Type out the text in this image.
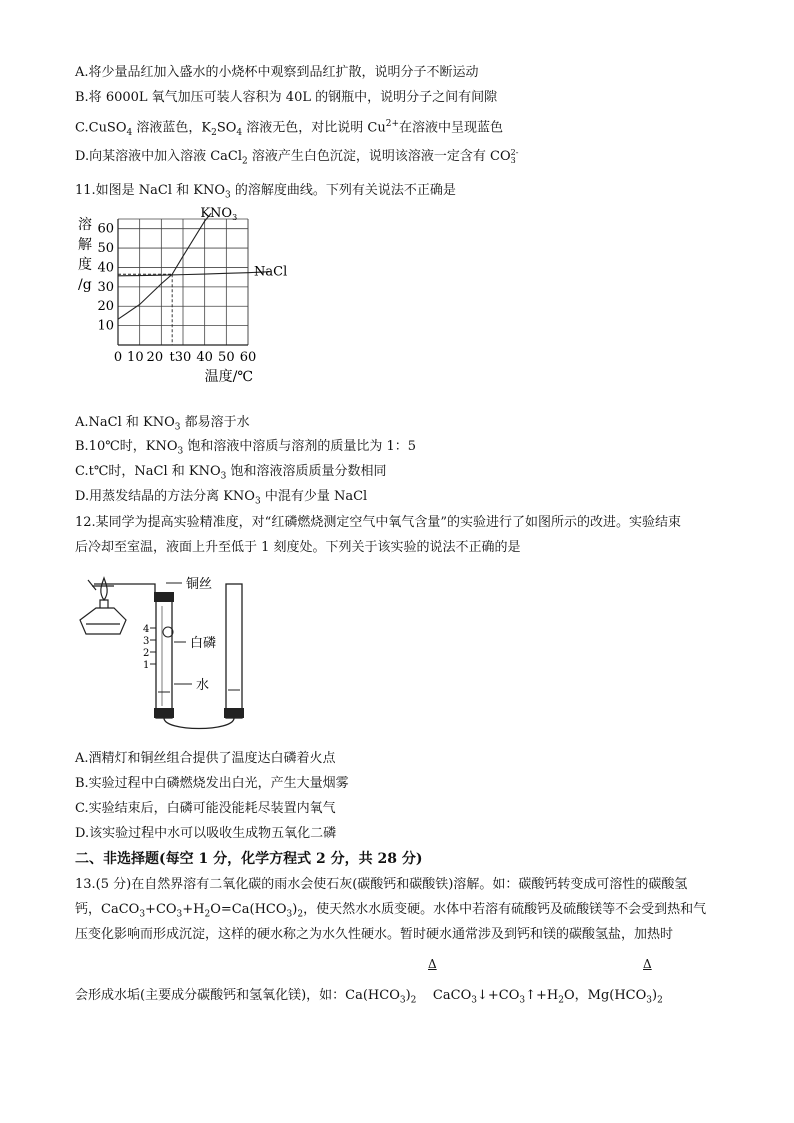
A.将少量品红加入盛水的小烧杯中观察到品红扩散，说明分子不断运动
B.将 6000L 氧气加压可装人容积为 40L 的钢瓶中，说明分子之间有间隙
C.CuSO$_4$ 溶液蓝色，$K_2SO_4$ 溶液无色，对比说明 $Cu^{2+}$在溶液中呈现蓝色
D.向某溶液中加入溶液 CaCl$_2$ 溶液产生白色沉淀，说明该溶液一定含有 CO 2-
3
11.如图是 NaCl 和 $KNO_3$ 的溶解度曲线。下列有关说法不正确是
10
20
30
40
50
60
0 10 20 t 30 40 50 60
溶
解
度
/g
温度/℃
$KNO_3$
NaCl
A.NaCl 和 $KNO_3$ 都易溶于水
B.10℃时，$KNO_3$ 饱和溶液中溶质与溶剂的质量比为 1：5
C.t℃时，NaCl 和 $KNO_3$ 饱和溶液溶质质量分数相同
D.用蒸发结晶的方法分离 $KNO_3$ 中混有少量 NaCl
12.某同学为提高实验精准度，对“红磷燃烧测定空气中氧气含量”的实验进行了如图所示的改进。实验结束
后冷却至室温，液面上升至低于 1 刻度处。下列关于该实验的说法不正确的是
铜丝
白磷
水
4
3
2
1
A.酒精灯和铜丝组合提供了温度达白磷着火点
B.实验过程中白磷燃烧发出白光，产生大量烟雾
C.实验结束后，白磷可能没能耗尽装置内氧气
D.该实验过程中水可以吸收生成物五氧化二磷
二、非选择题(每空 1 分，化学方程式 2 分，共 28 分)
13.(5 分)在自然界溶有二氧化碳的雨水会使石灰(碳酸钙和碳酸铁)溶解。如：碳酸钙转变成可溶性的碳酸氢
钙，$CaCO_3+CO_3+H_2O=Ca(HCO_3)_2$，使天然水水质变硬。水体中若溶有硫酸钙及硫酸镁等不会受到热和气
压变化影响而形成沉淀，这样的硬水称之为水久性硬水。暂时硬水通常涉及到钙和镁的碳酸氢盐，加热时
Δ	Δ
会形成水垢(主要成分碳酸钙和氢氧化镁)，如：$Ca(HCO_3)_2$    $CaCO_3↓+CO_3↑+H_2O$，$Mg(HCO_3)_2$
